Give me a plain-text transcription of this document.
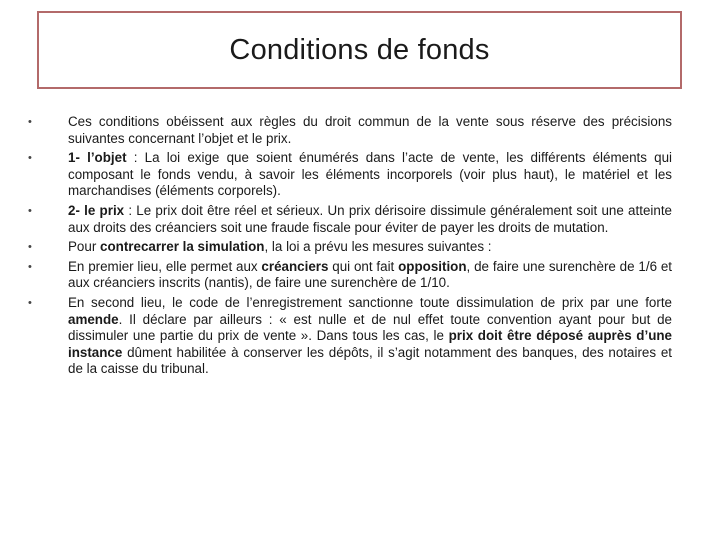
Conditions de fonds
•	Ces conditions obéissent aux règles du droit commun de la vente sous réserve des précisions suivantes concernant l’objet et le prix.
•	1- l’objet : La loi exige que soient énumérés dans l’acte de vente, les différents éléments qui composant le fonds vendu, à savoir les éléments incorporels (voir plus haut), le matériel et les marchandises (éléments corporels).
•	2- le prix : Le prix doit être réel et sérieux. Un prix dérisoire dissimule généralement soit une atteinte aux droits des créanciers soit une fraude fiscale pour éviter de payer les droits de mutation.
•	Pour contrecarrer la simulation, la loi a prévu les mesures suivantes :
•	En premier lieu, elle permet aux créanciers qui ont fait opposition, de faire une surenchère de 1/6 et aux créanciers inscrits (nantis), de faire une surenchère de 1/10.
•	En second lieu, le code de l’enregistrement sanctionne toute dissimulation de prix par une forte amende. Il déclare par ailleurs : « est nulle et de nul effet toute convention ayant pour but de dissimuler une partie du prix de vente ». Dans tous les cas, le prix doit être déposé auprès d’une instance dûment habilitée à conserver les dépôts, il s’agit notamment des banques, des notaires et de la caisse du tribunal.
